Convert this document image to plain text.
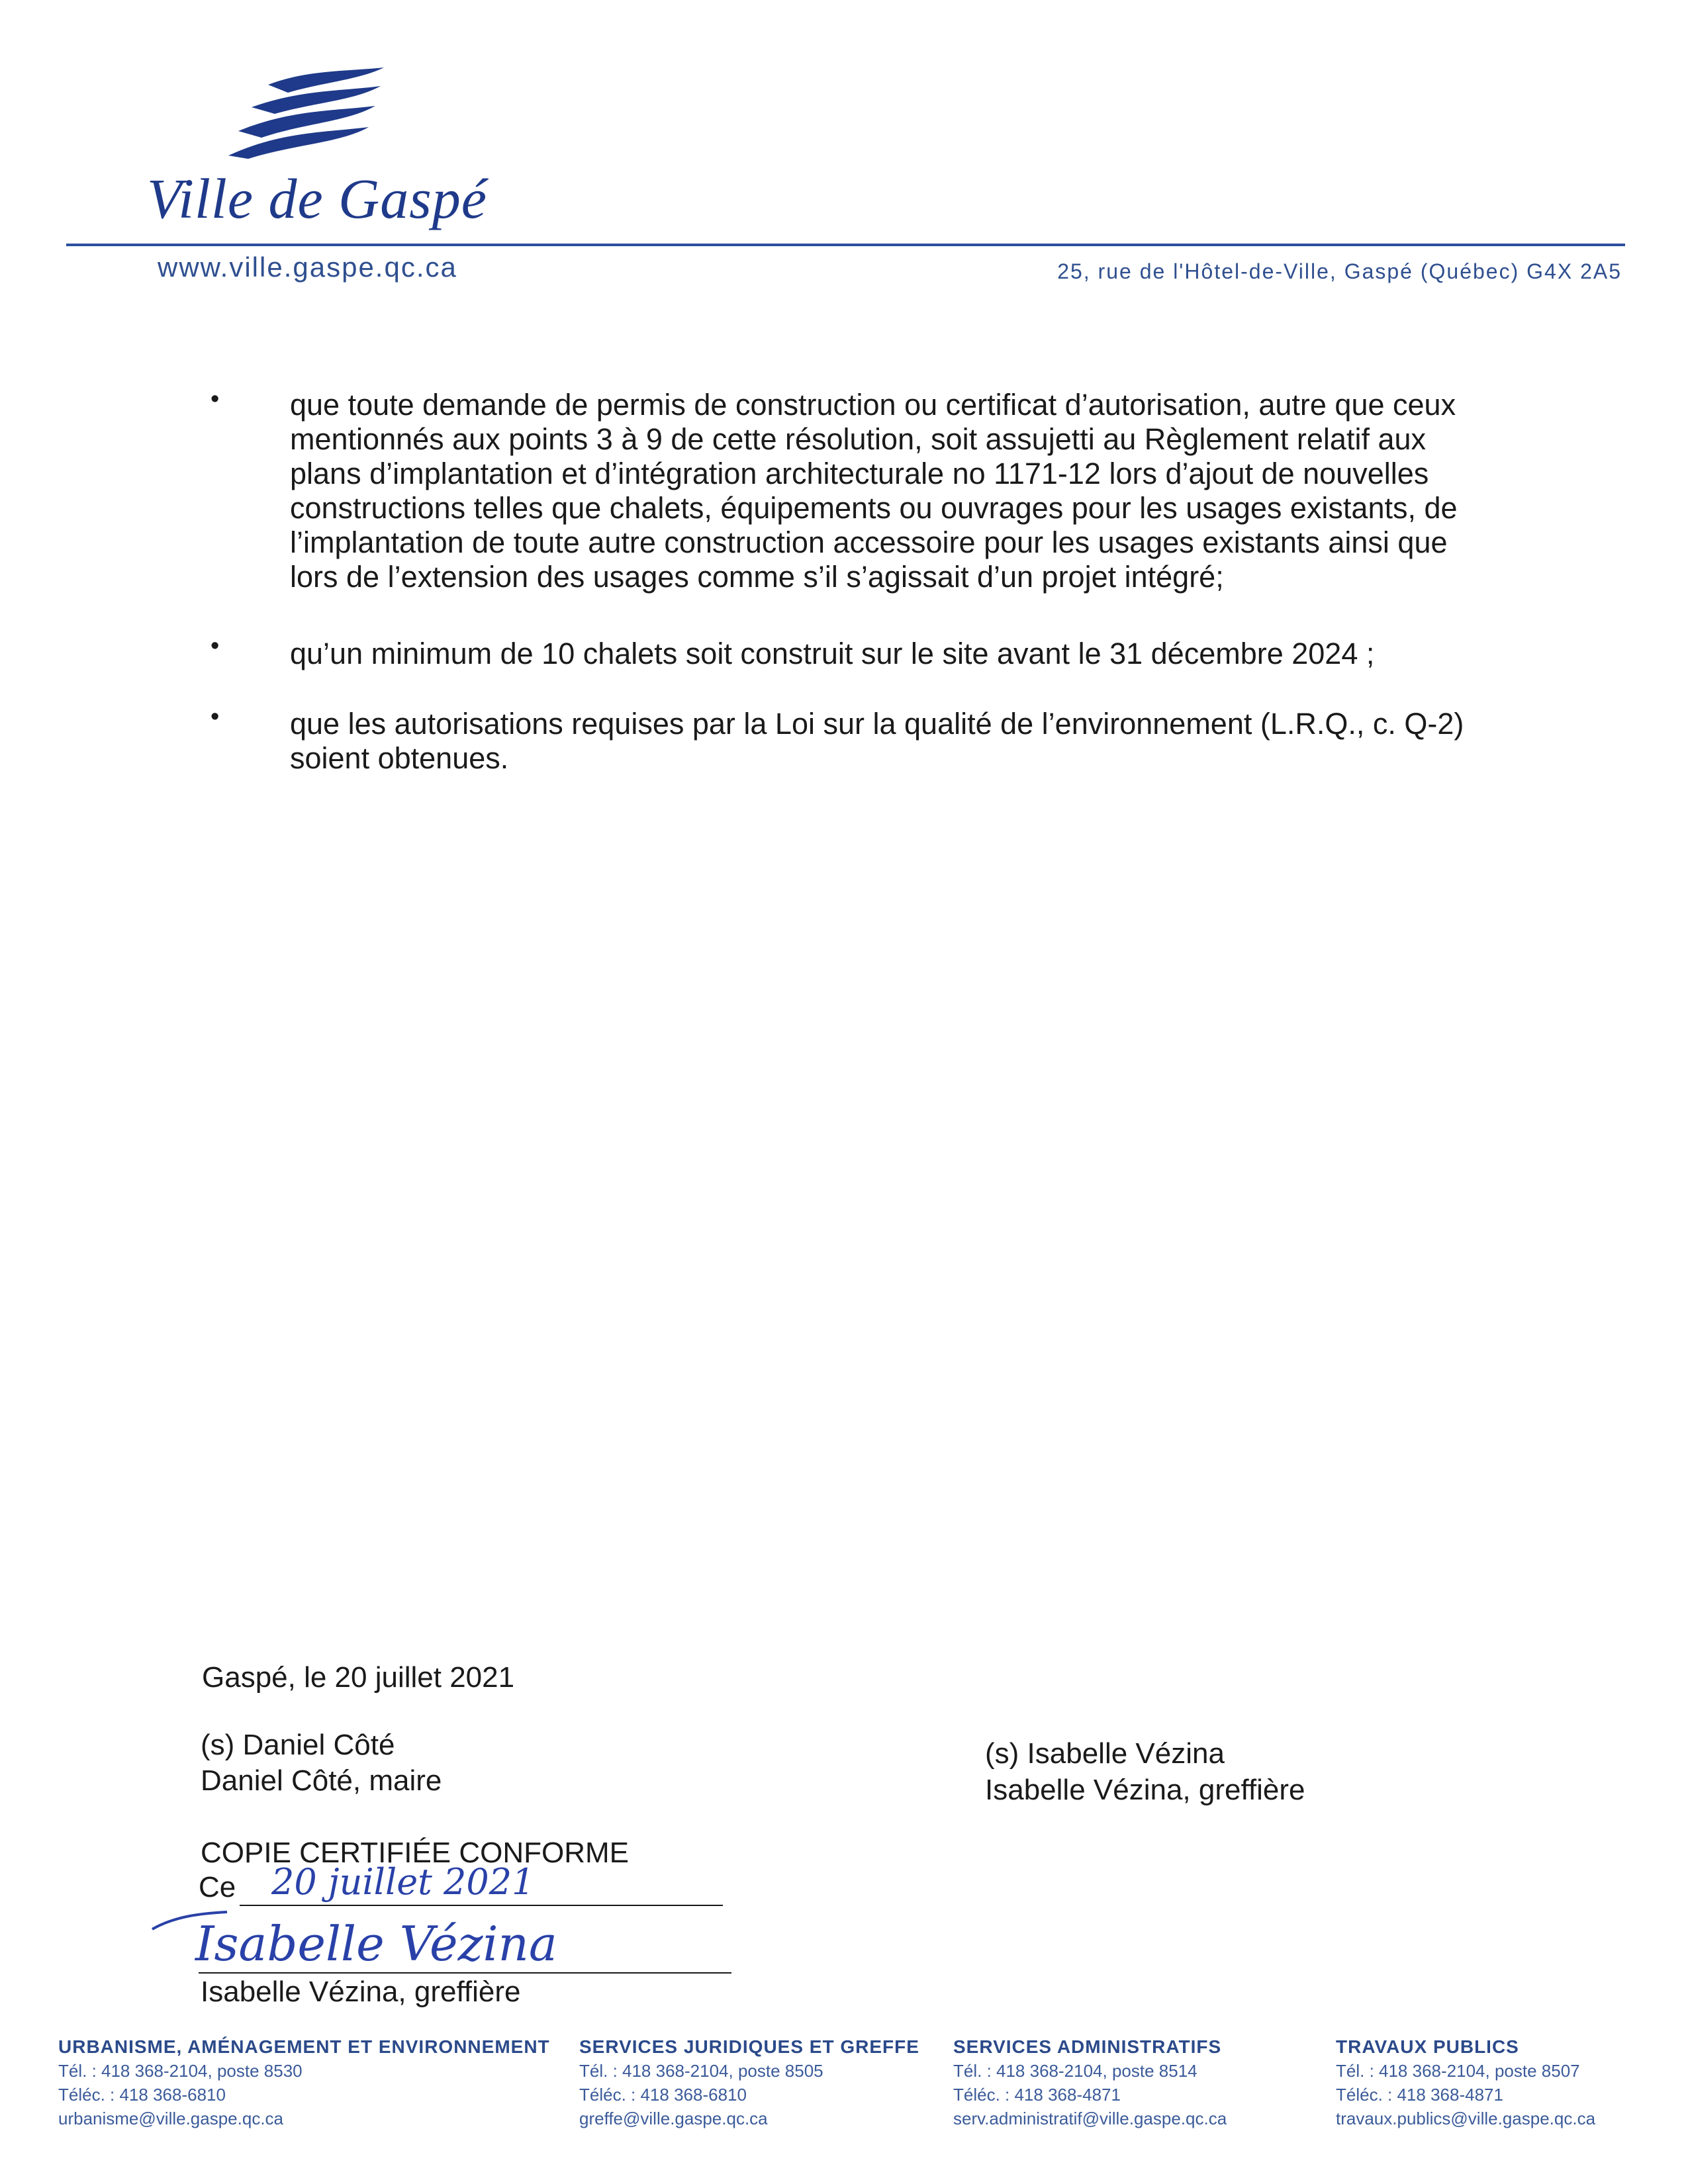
Ville de Gaspé
www.ville.gaspe.qc.ca	25, rue de l'Hôtel-de-Ville, Gaspé (Québec) G4X 2A5
• que toute demande de permis de construction ou certificat d’autorisation, autre que ceux
mentionnés aux points 3 à 9 de cette résolution, soit assujetti au Règlement relatif aux
plans d’implantation et d’intégration architecturale no 1171-12 lors d’ajout de nouvelles
constructions telles que chalets, équipements ou ouvrages pour les usages existants, de
l’implantation de toute autre construction accessoire pour les usages existants ainsi que
lors de l’extension des usages comme s’il s’agissait d’un projet intégré;
• qu’un minimum de 10 chalets soit construit sur le site avant le 31 décembre 2024 ;
• que les autorisations requises par la Loi sur la qualité de l’environnement (L.R.Q., c. Q-2)
soient obtenues.
Gaspé, le 20 juillet 2021
(s) Daniel Côté
Daniel Côté, maire
(s) Isabelle Vézina
Isabelle Vézina, greffière
COPIE CERTIFIÉE CONFORME
Ce 20 juillet 2021
Isabelle Vézina
Isabelle Vézina, greffière
URBANISME, AMÉNAGEMENT ET ENVIRONNEMENT
Tél. : 418 368-2104, poste 8530
Téléc. : 418 368-6810
urbanisme@ville.gaspe.qc.ca
SERVICES JURIDIQUES ET GREFFE
Tél. : 418 368-2104, poste 8505
Téléc. : 418 368-6810
greffe@ville.gaspe.qc.ca
SERVICES ADMINISTRATIFS
Tél. : 418 368-2104, poste 8514
Téléc. : 418 368-4871
serv.administratif@ville.gaspe.qc.ca
TRAVAUX PUBLICS
Tél. : 418 368-2104, poste 8507
Téléc. : 418 368-4871
travaux.publics@ville.gaspe.qc.ca
